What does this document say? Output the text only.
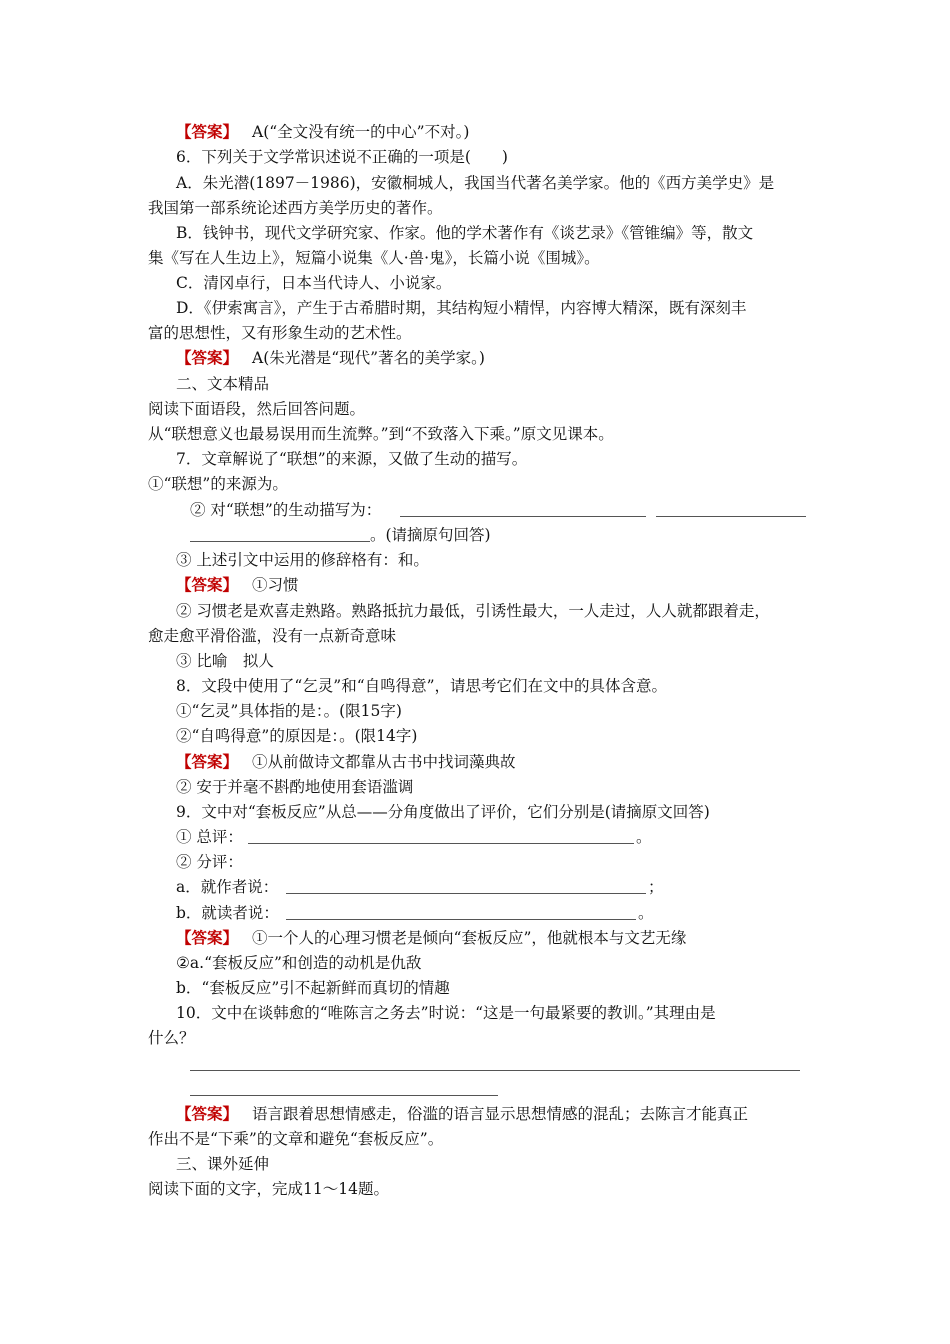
【答案】 A(“全文没有统一的中心”不对。)
6．下列关于文学常识述说不正确的一项是(　　)
A．朱光潜(1897－1986)，安徽桐城人，我国当代著名美学家。他的《西方美学史》是
我国第一部系统论述西方美学历史的著作。
B．钱钟书，现代文学研究家、作家。他的学术著作有《谈艺录》《管锥编》等，散文
集《写在人生边上》，短篇小说集《人·兽·鬼》，长篇小说《围城》。
C．清冈卓行，日本当代诗人、小说家。
D．《伊索寓言》，产生于古希腊时期，其结构短小精悍，内容博大精深，既有深刻丰
富的思想性，又有形象生动的艺术性。
【答案】 A(朱光潜是“现代”著名的美学家。)
二、文本精品
阅读下面语段，然后回答问题。
从“联想意义也最易误用而生流弊。”到“不致落入下乘。”原文见课本。
7．文章解说了“联想”的来源，又做了生动的描写。
①“联想”的来源为。
② 对“联想”的生动描写为：
。(请摘原句回答)
③ 上述引文中运用的修辞格有：和。
【答案】 ①习惯
② 习惯老是欢喜走熟路。熟路抵抗力最低，引诱性最大，一人走过，人人就都跟着走，
愈走愈平滑俗滥，没有一点新奇意味
③ 比喻　拟人
8．文段中使用了“乞灵”和“自鸣得意”，请思考它们在文中的具体含意。
①“乞灵”具体指的是：。(限15字)
②“自鸣得意”的原因是：。(限14字)
【答案】 ①从前做诗文都靠从古书中找词藻典故
② 安于并毫不斟酌地使用套语滥调
9．文中对“套板反应”从总——分角度做出了评价，它们分别是(请摘原文回答)
① 总评：	。
② 分评：
a．就作者说：	；
b．就读者说：	。
【答案】 ①一个人的心理习惯老是倾向“套板反应”，他就根本与文艺无缘
②a.“套板反应”和创造的动机是仇敌
b．“套板反应”引不起新鲜而真切的情趣
10．文中在谈韩愈的“唯陈言之务去”时说：“这是一句最紧要的教训。”其理由是
什么？
【答案】 语言跟着思想情感走，俗滥的语言显示思想情感的混乱；去陈言才能真正
作出不是“下乘”的文章和避免“套板反应”。
三、课外延伸
阅读下面的文字，完成11～14题。
